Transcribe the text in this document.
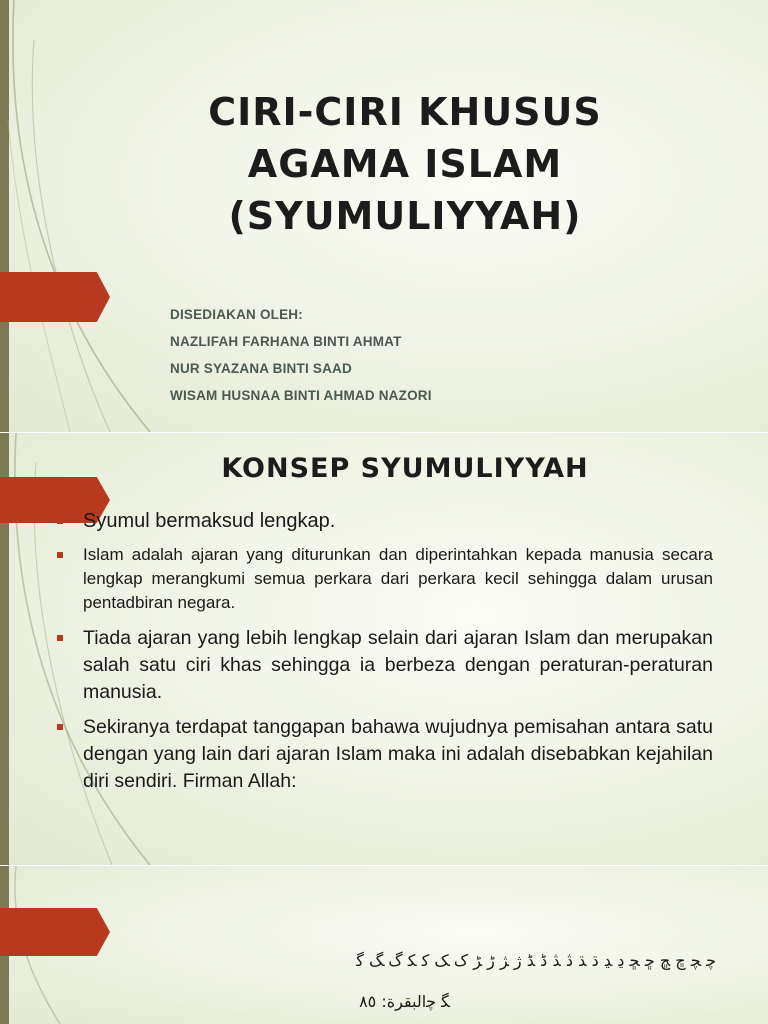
CIRI-CIRI KHUSUS
AGAMA ISLAM
(SYUMULIYYAH)
DISEDIAKAN OLEH:
NAZLIFAH FARHANA BINTI AHMAT
NUR SYAZANA BINTI SAAD
WISAM HUSNAA BINTI AHMAD NAZORI
KONSEP SYUMULIYYAH
Syumul bermaksud lengkap.
Islam adalah ajaran yang diturunkan dan diperintahkan kepada manusia secara lengkap merangkumi semua perkara dari perkara kecil sehingga dalam urusan pentadbiran negara.
Tiada ajaran yang lebih lengkap selain dari ajaran Islam dan merupakan salah satu ciri khas sehingga ia berbeza dengan peraturan-peraturan manusia.
Sekiranya terdapat tanggapan bahawa wujudnya pemisahan antara satu dengan yang lain dari ajaran Islam maka ini adalah disebabkan kejahilan diri sendiri. Firman Allah:
ﭼ ﭽ ﭾ ﭿ ﮀ ﮁ ﮂ ﮃ ﮄ ﮅ ﮆ ﮇ ﮈ ﮉ ﮊ ﮋ ﮌ ﮍ ﮎ ﮏ ﮐ ﮑ ﮒ ﮓ ﮔ
ﮕ ﭼالبقرة: ٨٥
